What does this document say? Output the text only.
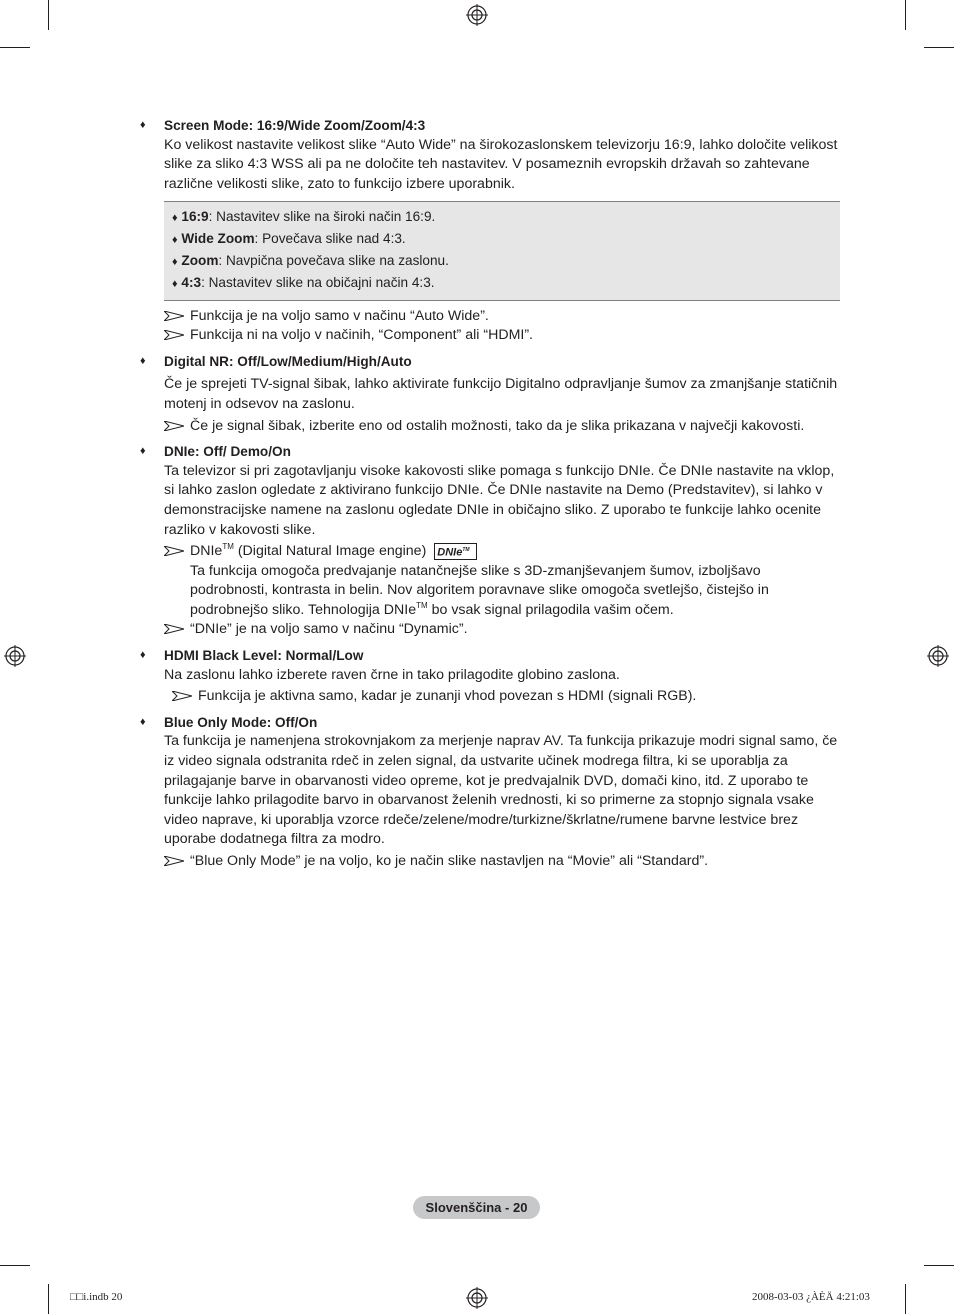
♦ Screen Mode: 16:9/Wide Zoom/Zoom/4:3

Ko velikost nastavite velikost slike “Auto Wide” na širokozaslonskem televizorju 16:9, lahko določite velikost slike za sliko 4:3 WSS ali pa ne določite teh nastavitev. V posameznih evropskih državah so zahtevane različne velikosti slike, zato to funkcijo izbere uporabnik.

♦ 16:9: Nastavitev slike na široki način 16:9.
♦ Wide Zoom: Povečava slike nad 4:3.
♦ Zoom: Navpična povečava slike na zaslonu.
♦ 4:3: Nastavitev slike na običajni način 4:3.
Funkcija je na voljo samo v načinu “Auto Wide”.
Funkcija ni na voljo v načinih, “Component” ali “HDMI”.
♦ Digital NR: Off/Low/Medium/High/Auto

Če je sprejeti TV-signal šibak, lahko aktivirate funkcijo Digitalno odpravljanje šumov za zmanjšanje statičnih motenj in odsevov na zaslonu.

Če je signal šibak, izberite eno od ostalih možnosti, tako da je slika prikazana v največji kakovosti.
♦ DNIe: Off/ Demo/On

Ta televizor si pri zagotavljanju visoke kakovosti slike pomaga s funkcijo DNIe. Če DNIe nastavite na vklop, si lahko zaslon ogledate z aktivirano funkcijo DNIe. Če DNIe nastavite na Demo (Predstavitev), si lahko v demonstracijske namene na zaslonu ogledate DNIe in običajno sliko. Z uporabo te funkcije lahko ocenite razliko v kakovosti slike.

DNIe™ (Digital Natural Image engine) DNIe™
Ta funkcija omogoča predvajanje natančnejše slike s 3D-zmanjševanjem šumov, izboljšavo podrobnosti, kontrasta in belin. Nov algoritem poravnave slike omogoča svetlejšo, čistejšo in podrobnejšo sliko. Tehnologija DNIe™ bo vsak signal prilagodila vašim očem.
“DNIe” je na voljo samo v načinu “Dynamic”.
♦ HDMI Black Level: Normal/Low

Na zaslonu lahko izberete raven črne in tako prilagodite globino zaslona.

Funkcija je aktivna samo, kadar je zunanji vhod povezan s HDMI (signali RGB).
♦ Blue Only Mode: Off/On

Ta funkcija je namenjena strokovnjakom za merjenje naprav AV. Ta funkcija prikazuje modri signal samo, če iz video signala odstranita rdeč in zelen signal, da ustvarite učinek modrega filtra, ki se uporablja za prilagajanje barve in obarvanosti video opreme, kot je predvajalnik DVD, domači kino, itd. Z uporabo te funkcije lahko prilagodite barvo in obarvanost želenih vrednosti, ki so primerne za stopnjo signala vsake video naprave, ki uporablja vzorce rdeče/zelene/modre/turkizne/škrlatne/rumene barvne lestvice brez uporabe dodatnega filtra za modro.

“Blue Only Mode” je na voljo, ko je način slike nastavljen na “Movie” ali “Standard”.
Slovenščina - 20
□□i.indb 20	2008-03-03 ¿ÀÈÄ 4:21:03
